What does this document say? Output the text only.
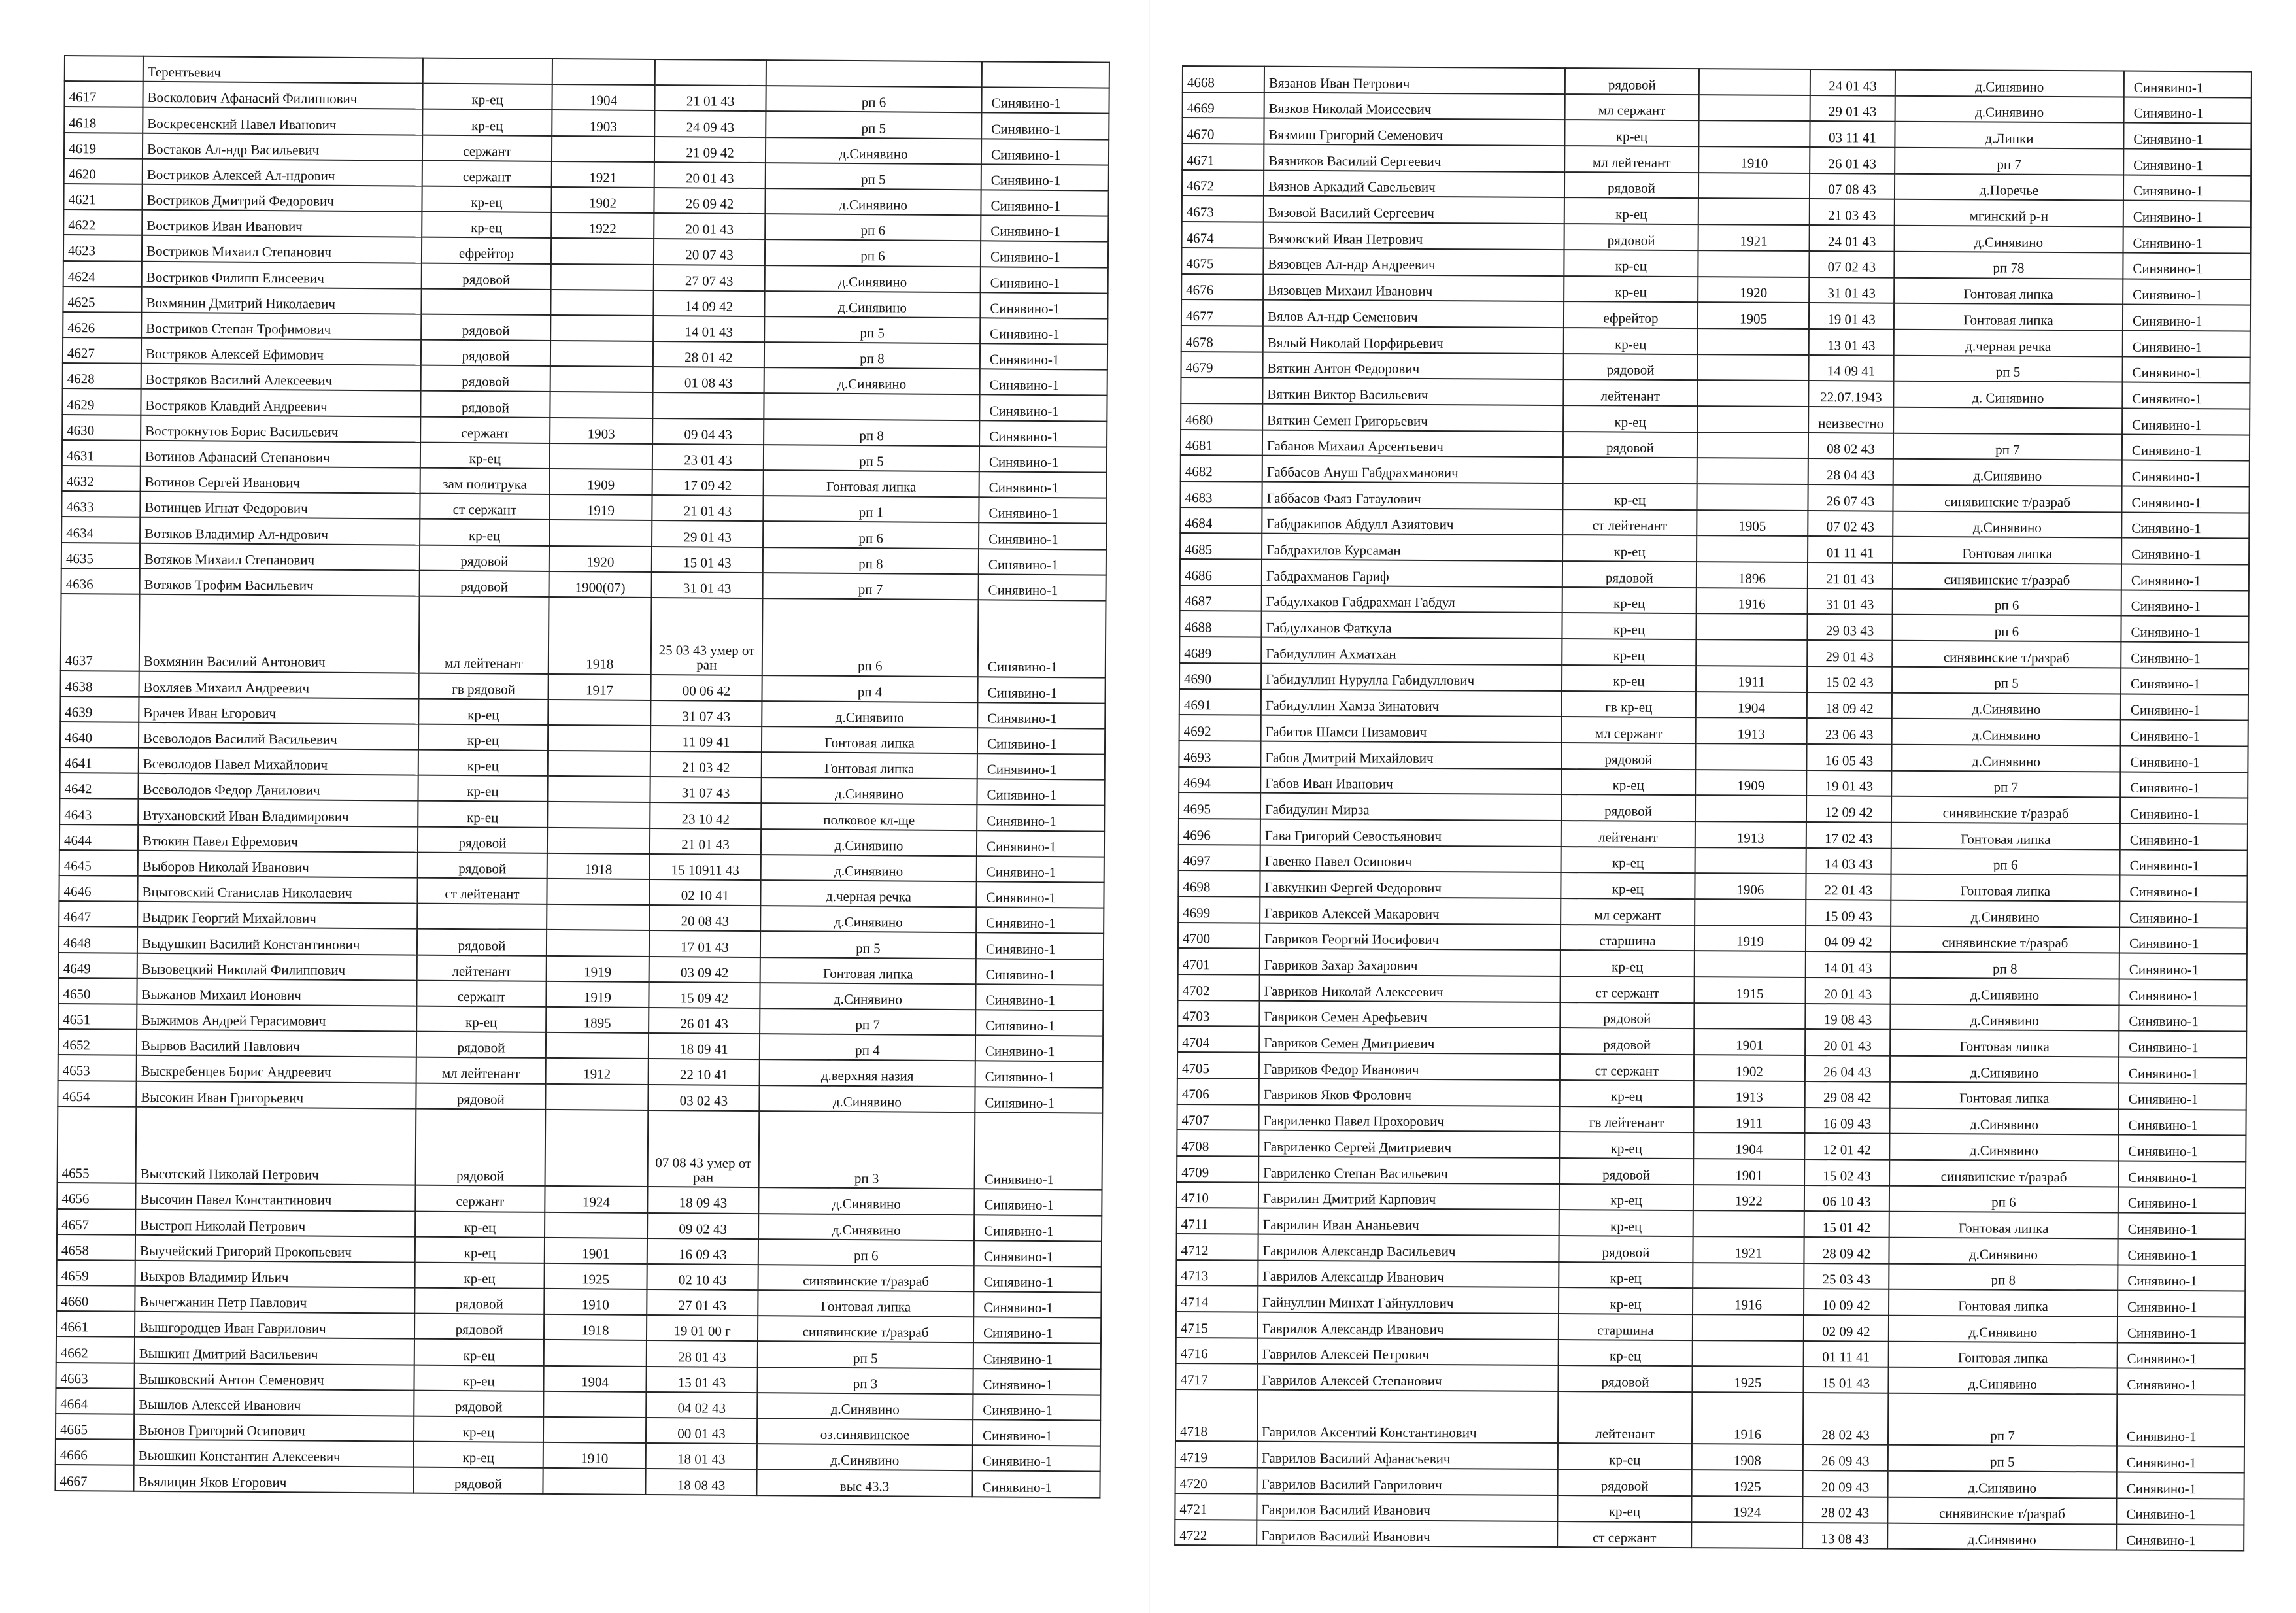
	Терентьевич					
4617	Восколович Афанасий Филиппович	кр-ец	1904	21 01 43	рп 6	Синявино-1
4618	Воскресенский Павел Иванович	кр-ец	1903	24 09 43	рп 5	Синявино-1
4619	Востаков Ал-ндр Васильевич	сержант		21 09 42	д.Синявино	Синявино-1
4620	Востриков Алексей Ал-ндрович	сержант	1921	20 01 43	рп 5	Синявино-1
4621	Востриков Дмитрий Федорович	кр-ец	1902	26 09 42	д.Синявино	Синявино-1
4622	Востриков Иван Иванович	кр-ец	1922	20 01 43	рп 6	Синявино-1
4623	Востриков Михаил Степанович	ефрейтор		20 07 43	рп 6	Синявино-1
4624	Востриков Филипп Елисеевич	рядовой		27 07 43	д.Синявино	Синявино-1
4625	Вохмянин Дмитрий Николаевич			14 09 42	д.Синявино	Синявино-1
4626	Востриков Степан Трофимович	рядовой		14 01 43	рп 5	Синявино-1
4627	Востряков Алексей Ефимович	рядовой		28 01 42	рп 8	Синявино-1
4628	Востряков Василий Алексеевич	рядовой		01 08 43	д.Синявино	Синявино-1
4629	Востряков Клавдий Андреевич	рядовой				Синявино-1
4630	Вострокнутов Борис Васильевич	сержант	1903	09 04 43	рп 8	Синявино-1
4631	Вотинов Афанасий Степанович	кр-ец		23 01 43	рп 5	Синявино-1
4632	Вотинов Сергей Иванович	зам политрука	1909	17 09 42	Гонтовая липка	Синявино-1
4633	Вотинцев Игнат Федорович	ст сержант	1919	21 01 43	рп 1	Синявино-1
4634	Вотяков Владимир Ал-ндрович	кр-ец		29 01 43	рп 6	Синявино-1
4635	Вотяков Михаил Степанович	рядовой	1920	15 01 43	рп 8	Синявино-1
4636	Вотяков Трофим Васильевич	рядовой	1900(07)	31 01 43	рп 7	Синявино-1
4637	Вохмянин Василий Антонович	мл лейтенант	1918	25 03 43 умер от ран	рп 6	Синявино-1
4638	Вохляев Михаил Андреевич	гв рядовой	1917	00 06 42	рп 4	Синявино-1
4639	Врачев Иван Егорович	кр-ец		31 07 43	д.Синявино	Синявино-1
4640	Всеволодов Василий Васильевич	кр-ец		11 09 41	Гонтовая липка	Синявино-1
4641	Всеволодов Павел Михайлович	кр-ец		21 03 42	Гонтовая липка	Синявино-1
4642	Всеволодов Федор Данилович	кр-ец		31 07 43	д.Синявино	Синявино-1
4643	Втухановский Иван Владимирович	кр-ец		23 10 42	полковое кл-ще	Синявино-1
4644	Втюкин Павел Ефремович	рядовой		21 01 43	д.Синявино	Синявино-1
4645	Выборов Николай Иванович	рядовой	1918	15 10911 43	д.Синявино	Синявино-1
4646	Вцыговский Станислав Николаевич	ст лейтенант		02 10 41	д.черная речка	Синявино-1
4647	Выдрик Георгий Михайлович			20 08 43	д.Синявино	Синявино-1
4648	Выдушкин Василий Константинович	рядовой		17 01 43	рп 5	Синявино-1
4649	Вызовецкий Николай Филиппович	лейтенант	1919	03 09 42	Гонтовая липка	Синявино-1
4650	Выжанов Михаил Ионович	сержант	1919	15 09 42	д.Синявино	Синявино-1
4651	Выжимов Андрей Герасимович	кр-ец	1895	26 01 43	рп 7	Синявино-1
4652	Вырвов Василий Павлович	рядовой		18 09 41	рп 4	Синявино-1
4653	Выскребенцев Борис Андреевич	мл лейтенант	1912	22 10 41	д.верхняя назия	Синявино-1
4654	Высокин Иван Григорьевич	рядовой		03 02 43	д.Синявино	Синявино-1
4655	Высотский Николай Петрович	рядовой		07 08 43 умер от ран	рп 3	Синявино-1
4656	Высочин Павел Константинович	сержант	1924	18 09 43	д.Синявино	Синявино-1
4657	Выстроп Николай Петрович	кр-ец		09 02 43	д.Синявино	Синявино-1
4658	Выучейский Григорий Прокопьевич	кр-ец	1901	16 09 43	рп 6	Синявино-1
4659	Выхров Владимир Ильич	кр-ец	1925	02 10 43	синявинские т/разраб	Синявино-1
4660	Вычегжанин Петр Павлович	рядовой	1910	27 01 43	Гонтовая липка	Синявино-1
4661	Вышгородцев Иван Гаврилович	рядовой	1918	19 01 00 г	синявинские т/разраб	Синявино-1
4662	Вышкин Дмитрий Васильевич	кр-ец		28 01 43	рп 5	Синявино-1
4663	Вышковский Антон Семенович	кр-ец	1904	15 01 43	рп 3	Синявино-1
4664	Вышлов Алексей Иванович	рядовой		04 02 43	д.Синявино	Синявино-1
4665	Вьюнов Григорий Осипович	кр-ец		00 01 43	оз.синявинское	Синявино-1
4666	Вьюшкин Константин Алексеевич	кр-ец	1910	18 01 43	д.Синявино	Синявино-1
4667	Вьялицин Яков Егорович	рядовой		18 08 43	выс 43.3	Синявино-1
4668	Вязанов Иван Петрович	рядовой		24 01 43	д.Синявино	Синявино-1
4669	Вязков Николай Моисеевич	мл сержант		29 01 43	д.Синявино	Синявино-1
4670	Вязмиш Григорий Семенович	кр-ец		03 11 41	д.Липки	Синявино-1
4671	Вязников Василий Сергеевич	мл лейтенант	1910	26 01 43	рп 7	Синявино-1
4672	Вязнов Аркадий Савельевич	рядовой		07 08 43	д.Поречье	Синявино-1
4673	Вязовой Василий Сергеевич	кр-ец		21 03 43	мгинский р-н	Синявино-1
4674	Вязовский Иван Петрович	рядовой	1921	24 01 43	д.Синявино	Синявино-1
4675	Вязовцев Ал-ндр Андреевич	кр-ец		07 02 43	рп 78	Синявино-1
4676	Вязовцев Михаил Иванович	кр-ец	1920	31 01 43	Гонтовая липка	Синявино-1
4677	Вялов Ал-ндр Семенович	ефрейтор	1905	19 01 43	Гонтовая липка	Синявино-1
4678	Вялый Николай Порфирьевич	кр-ец		13 01 43	д.черная речка	Синявино-1
4679	Вяткин Антон Федорович	рядовой		14 09 41	рп 5	Синявино-1
	Вяткин Виктор Васильевич	лейтенант		22.07.1943	д. Синявино	Синявино-1
4680	Вяткин Семен Григорьевич	кр-ец		неизвестно		Синявино-1
4681	Габанов Михаил Арсентьевич	рядовой		08 02 43	рп 7	Синявино-1
4682	Габбасов Ануш Габдрахманович			28 04 43	д.Синявино	Синявино-1
4683	Габбасов Фаяз Гатаулович	кр-ец		26 07 43	синявинские т/разраб	Синявино-1
4684	Габдракипов Абдулл Азиятович	ст лейтенант	1905	07 02 43	д.Синявино	Синявино-1
4685	Габдрахилов Курсаман	кр-ец		01 11 41	Гонтовая липка	Синявино-1
4686	Габдрахманов Гариф	рядовой	1896	21 01 43	синявинские т/разраб	Синявино-1
4687	Габдулхаков Габдрахман Габдул	кр-ец	1916	31 01 43	рп 6	Синявино-1
4688	Габдулханов Фаткула	кр-ец		29 03 43	рп 6	Синявино-1
4689	Габидуллин Ахматхан	кр-ец		29 01 43	синявинские т/разраб	Синявино-1
4690	Габидуллин Нурулла Габидуллович	кр-ец	1911	15 02 43	рп 5	Синявино-1
4691	Габидуллин Хамза Зинатович	гв кр-ец	1904	18 09 42	д.Синявино	Синявино-1
4692	Габитов Шамси Низамович	мл сержант	1913	23 06 43	д.Синявино	Синявино-1
4693	Габов Дмитрий Михайлович	рядовой		16 05 43	д.Синявино	Синявино-1
4694	Габов Иван Иванович	кр-ец	1909	19 01 43	рп 7	Синявино-1
4695	Габидулин Мирза	рядовой		12 09 42	синявинские т/разраб	Синявино-1
4696	Гава Григорий Севостьянович	лейтенант	1913	17 02 43	Гонтовая липка	Синявино-1
4697	Гавенко Павел Осипович	кр-ец		14 03 43	рп 6	Синявино-1
4698	Гавкункин Фергей Федорович	кр-ец	1906	22 01 43	Гонтовая липка	Синявино-1
4699	Гавриков Алексей Макарович	мл сержант		15 09 43	д.Синявино	Синявино-1
4700	Гавриков Георгий Иосифович	старшина	1919	04 09 42	синявинские т/разраб	Синявино-1
4701	Гавриков Захар Захарович	кр-ец		14 01 43	рп 8	Синявино-1
4702	Гавриков Николай Алексеевич	ст сержант	1915	20 01 43	д.Синявино	Синявино-1
4703	Гавриков Семен Арефьевич	рядовой		19 08 43	д.Синявино	Синявино-1
4704	Гавриков Семен Дмитриевич	рядовой	1901	20 01 43	Гонтовая липка	Синявино-1
4705	Гавриков Федор Иванович	ст сержант	1902	26 04 43	д.Синявино	Синявино-1
4706	Гавриков Яков Фролович	кр-ец	1913	29 08 42	Гонтовая липка	Синявино-1
4707	Гавриленко Павел Прохорович	гв лейтенант	1911	16 09 43	д.Синявино	Синявино-1
4708	Гавриленко Сергей Дмитриевич	кр-ец	1904	12 01 42	д.Синявино	Синявино-1
4709	Гавриленко Степан Васильевич	рядовой	1901	15 02 43	синявинские т/разраб	Синявино-1
4710	Гаврилин Дмитрий Карпович	кр-ец	1922	06 10 43	рп 6	Синявино-1
4711	Гаврилин Иван Ананьевич	кр-ец		15 01 42	Гонтовая липка	Синявино-1
4712	Гаврилов Александр Васильевич	рядовой	1921	28 09 42	д.Синявино	Синявино-1
4713	Гаврилов Александр Иванович	кр-ец		25 03 43	рп 8	Синявино-1
4714	Гайнуллин Минхат Гайнуллович	кр-ец	1916	10 09 42	Гонтовая липка	Синявино-1
4715	Гаврилов Александр Иванович	старшина		02 09 42	д.Синявино	Синявино-1
4716	Гаврилов Алексей Петрович	кр-ец		01 11 41	Гонтовая липка	Синявино-1
4717	Гаврилов Алексей Степанович	рядовой	1925	15 01 43	д.Синявино	Синявино-1
4718	Гаврилов Аксентий Константинович	лейтенант	1916	28 02 43	рп 7	Синявино-1
4719	Гаврилов Василий Афанасьевич	кр-ец	1908	26 09 43	рп 5	Синявино-1
4720	Гаврилов Василий Гаврилович	рядовой	1925	20 09 43	д.Синявино	Синявино-1
4721	Гаврилов Василий Иванович	кр-ец	1924	28 02 43	синявинские т/разраб	Синявино-1
4722	Гаврилов Василий Иванович	ст сержант		13 08 43	д.Синявино	Синявино-1
